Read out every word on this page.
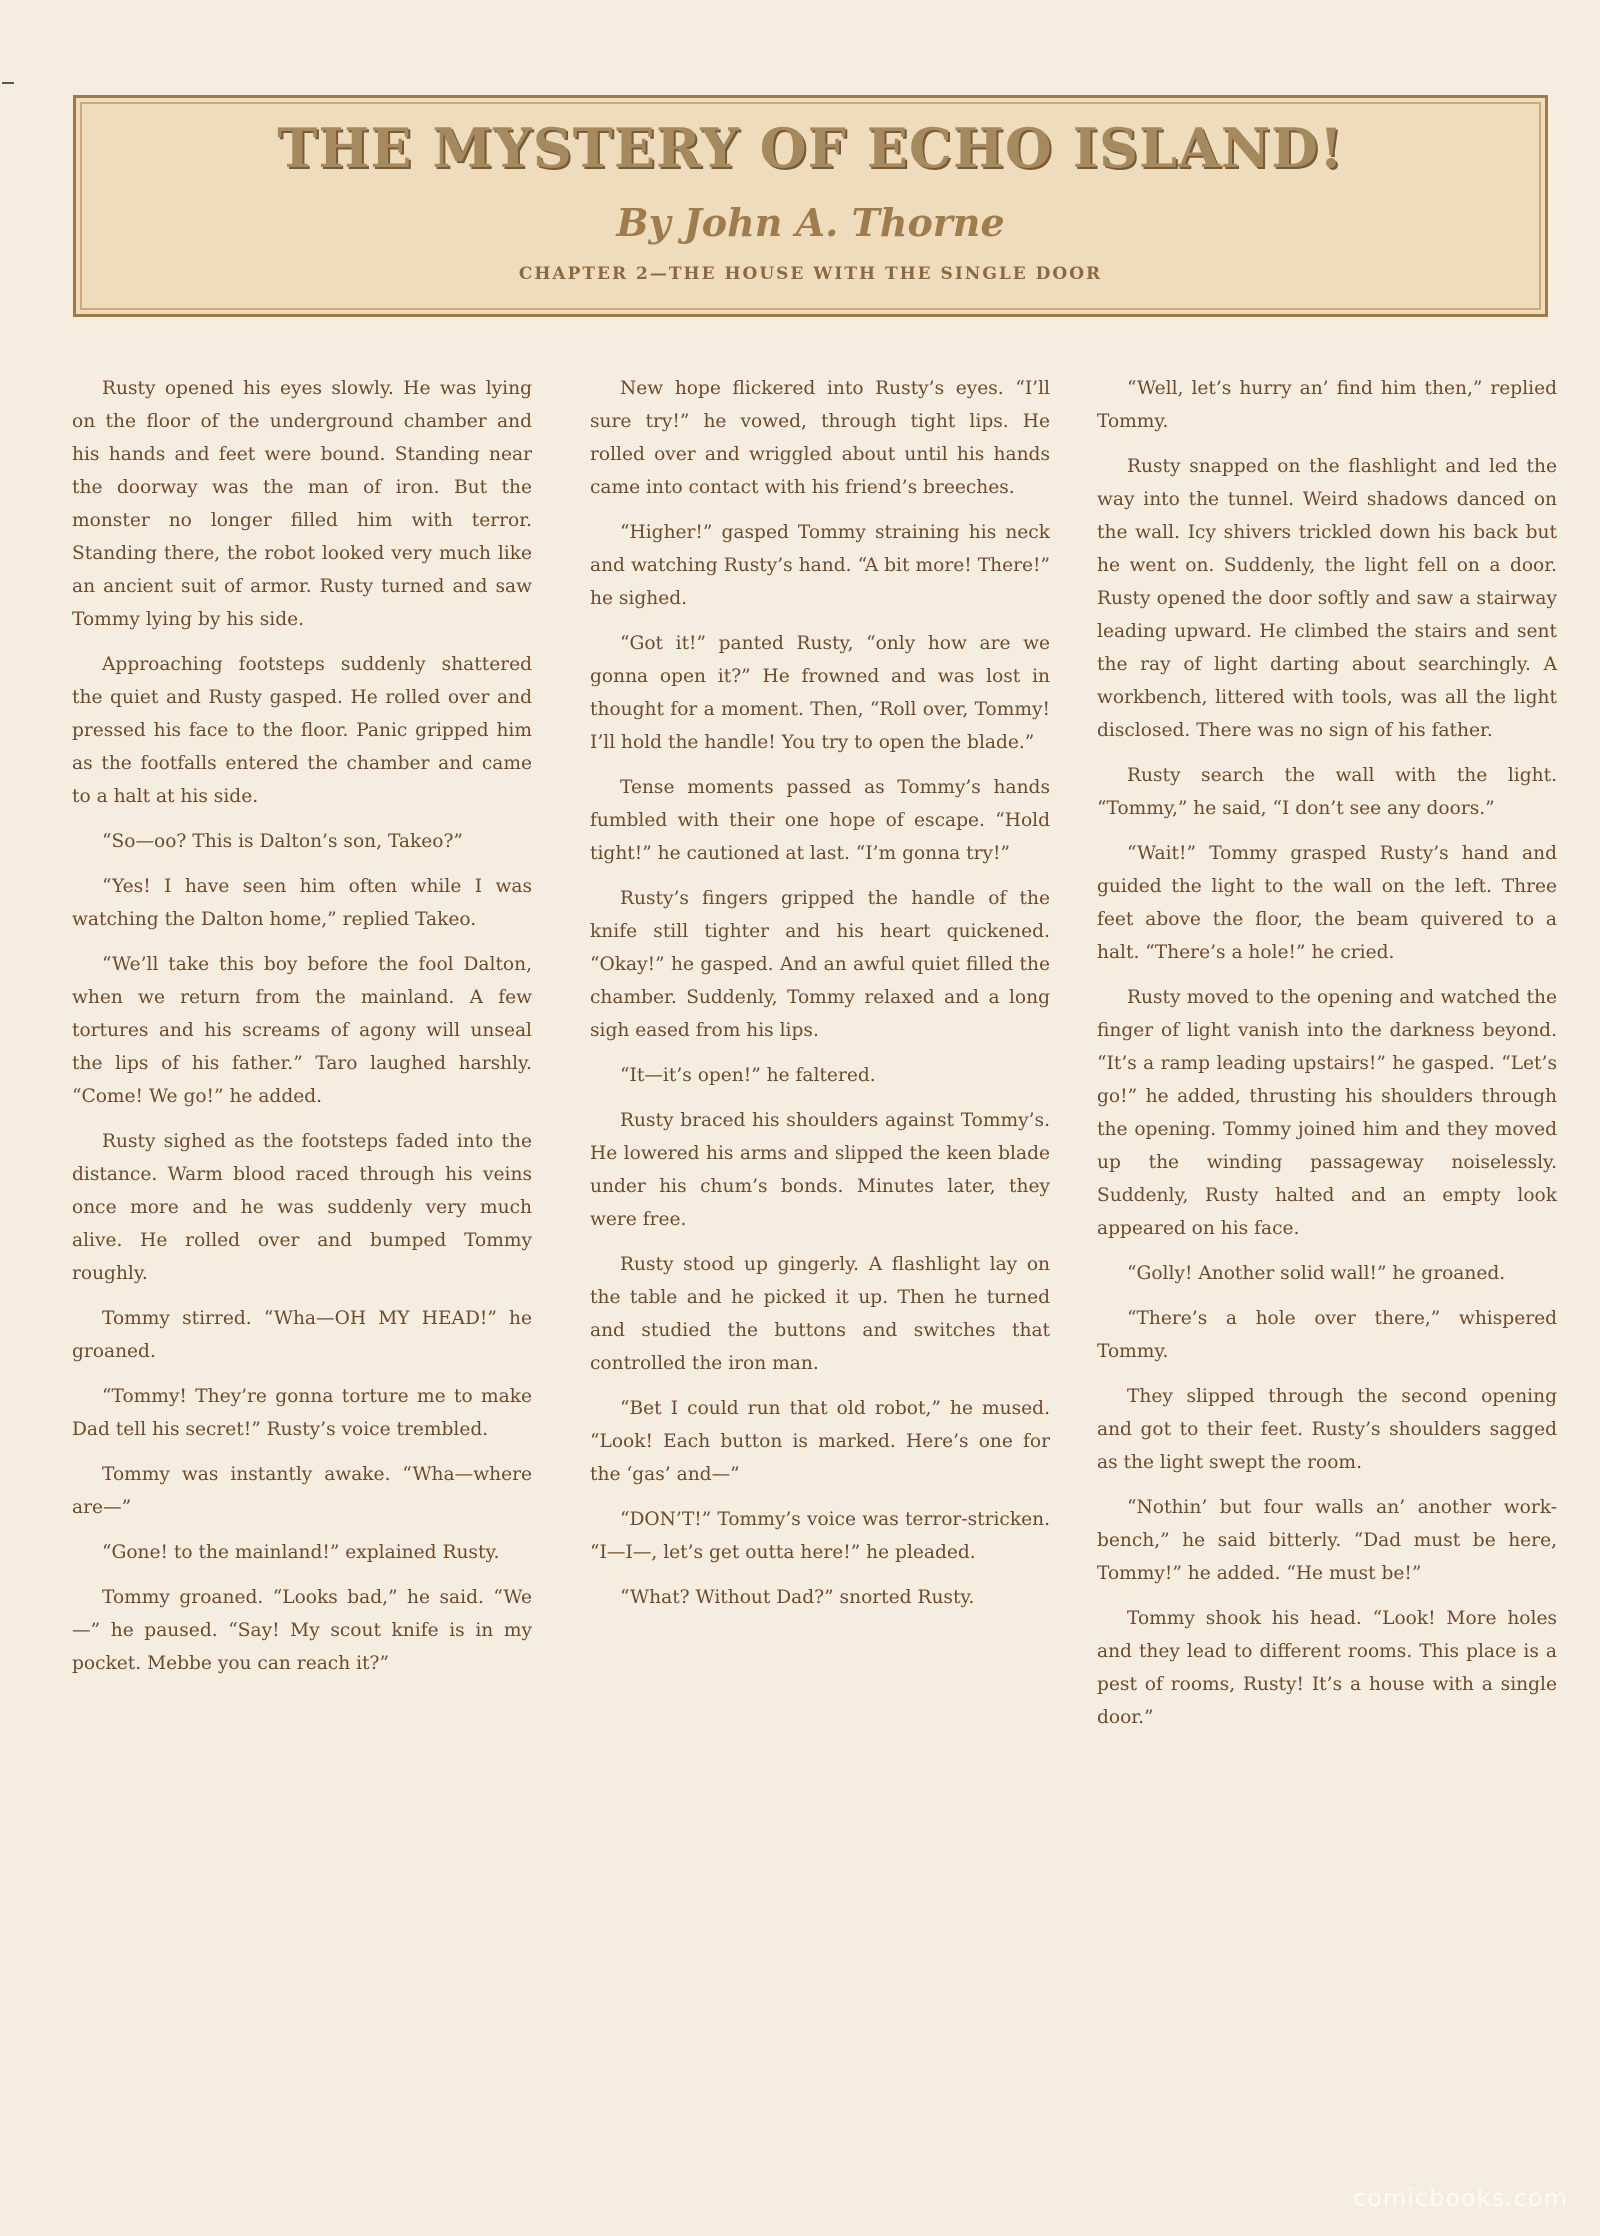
THE MYSTERY OF ECHO ISLAND!
By John A. Thorne
CHAPTER 2—THE HOUSE WITH THE SINGLE DOOR

Rusty opened his eyes slowly. He was lying on the floor of the underground chamber and his hands and feet were bound. Standing near the doorway was the man of iron. But the monster no longer filled him with terror. Standing there, the robot looked very much like an ancient suit of armor. Rusty turned and saw Tommy lying by his side.

Approaching footsteps suddenly shattered the quiet and Rusty gasped. He rolled over and pressed his face to the floor. Panic gripped him as the footfalls entered the chamber and came to a halt at his side.

“So—oo? This is Dalton’s son, Takeo?”

“Yes! I have seen him often while I was watching the Dalton home,” replied Takeo.

“We’ll take this boy before the fool Dalton, when we return from the mainland. A few tortures and his screams of agony will unseal the lips of his father.” Taro laughed harshly. “Come! We go!” he added.

Rusty sighed as the footsteps faded into the distance. Warm blood raced through his veins once more and he was suddenly very much alive. He rolled over and bumped Tommy roughly.

Tommy stirred. “Wha—OH MY HEAD!” he groaned.

“Tommy! They’re gonna torture me to make Dad tell his secret!” Rusty’s voice trembled.

Tommy was instantly awake. “Wha—where are—”

“Gone! to the mainland!” explained Rusty.

Tommy groaned. “Looks bad,” he said. “We—” he paused. “Say! My scout knife is in my pocket. Mebbe you can reach it?”

New hope flickered into Rusty’s eyes. “I’ll sure try!” he vowed, through tight lips. He rolled over and wriggled about until his hands came into contact with his friend’s breeches.

“Higher!” gasped Tommy straining his neck and watching Rusty’s hand. “A bit more! There!” he sighed.

“Got it!” panted Rusty, “only how are we gonna open it?” He frowned and was lost in thought for a moment. Then, “Roll over, Tommy! I’ll hold the handle! You try to open the blade.”

Tense moments passed as Tommy’s hands fumbled with their one hope of escape. “Hold tight!” he cautioned at last. “I’m gonna try!”

Rusty’s fingers gripped the handle of the knife still tighter and his heart quickened. “Okay!” he gasped. And an awful quiet filled the chamber. Suddenly, Tommy relaxed and a long sigh eased from his lips.

“It—it’s open!” he faltered.

Rusty braced his shoulders against Tommy’s. He lowered his arms and slipped the keen blade under his chum’s bonds. Minutes later, they were free.

Rusty stood up gingerly. A flashlight lay on the table and he picked it up. Then he turned and studied the buttons and switches that controlled the iron man.

“Bet I could run that old robot,” he mused. “Look! Each button is marked. Here’s one for the ‘gas’ and—”

“DON’T!” Tommy’s voice was terror-stricken. “I—I—, let’s get outta here!” he pleaded.

“What? Without Dad?” snorted Rusty.

“Well, let’s hurry an’ find him then,” replied Tommy.

Rusty snapped on the flashlight and led the way into the tunnel. Weird shadows danced on the wall. Icy shivers trickled down his back but he went on. Suddenly, the light fell on a door. Rusty opened the door softly and saw a stairway leading upward. He climbed the stairs and sent the ray of light darting about searchingly. A workbench, littered with tools, was all the light disclosed. There was no sign of his father.

Rusty search the wall with the light. “Tommy,” he said, “I don’t see any doors.”

“Wait!” Tommy grasped Rusty’s hand and guided the light to the wall on the left. Three feet above the floor, the beam quivered to a halt. “There’s a hole!” he cried.

Rusty moved to the opening and watched the finger of light vanish into the darkness beyond. “It’s a ramp leading upstairs!” he gasped. “Let’s go!” he added, thrusting his shoulders through the opening. Tommy joined him and they moved up the winding passageway noiselessly. Suddenly, Rusty halted and an empty look appeared on his face.

“Golly! Another solid wall!” he groaned.

“There’s a hole over there,” whispered Tommy.

They slipped through the second opening and got to their feet. Rusty’s shoulders sagged as the light swept the room.

“Nothin’ but four walls an’ another work-bench,” he said bitterly. “Dad must be here, Tommy!” he added. “He must be!”

Tommy shook his head. “Look! More holes and they lead to different rooms. This place is a pest of rooms, Rusty! It’s a house with a single door.”

comicbooks.com
